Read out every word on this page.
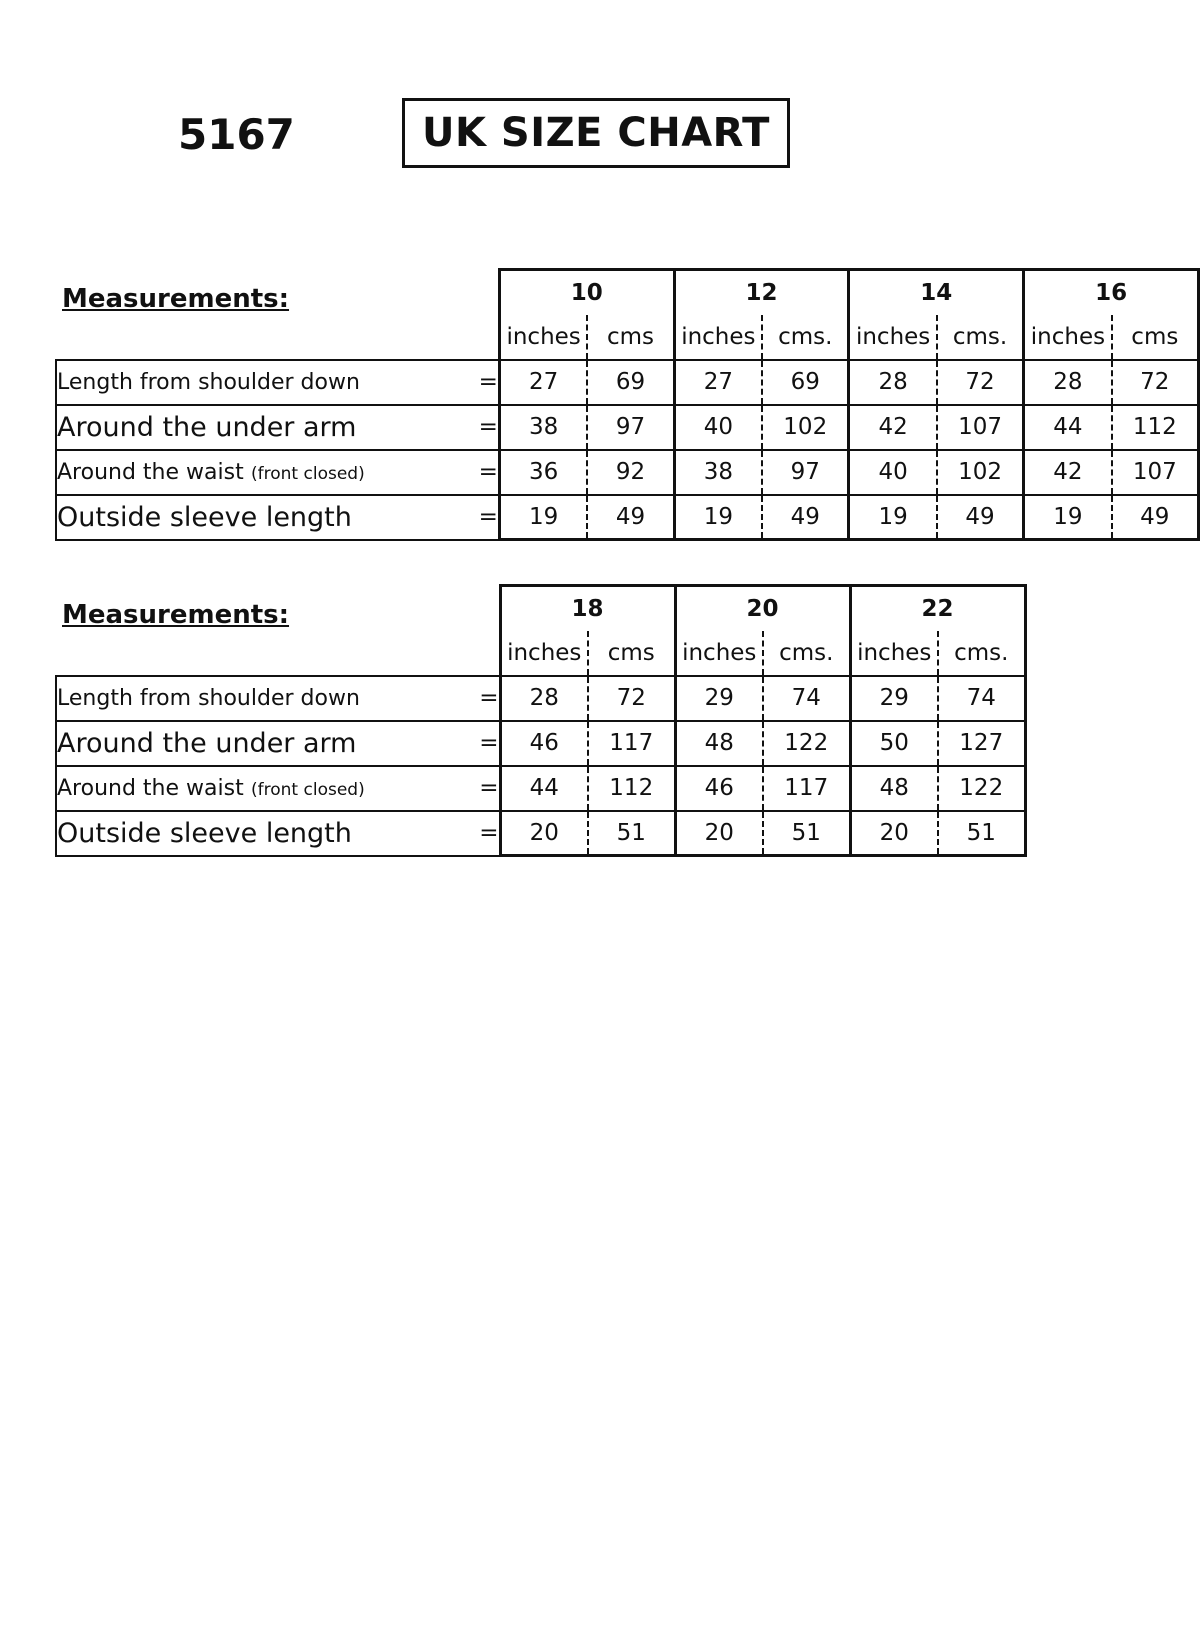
5167	UK SIZE CHART
Measurements:
			10		12		14		16	
		inches	cms	inches	cms.	inches	cms.	inches	cms
Length from shoulder down	=	27	69	27	69	28	72	28	72
Around the under arm	=	38	97	40	102	42	107	44	112
Around the waist (front closed)	=	36	92	38	97	40	102	42	107
Outside sleeve length	=	19	49	19	49	19	49	19	49
Measurements:
			18		20		22	
		inches	cms	inches	cms.	inches	cms.
Length from shoulder down	=	28	72	29	74	29	74
Around the under arm	=	46	117	48	122	50	127
Around the waist (front closed)	=	44	112	46	117	48	122
Outside sleeve length	=	20	51	20	51	20	51
